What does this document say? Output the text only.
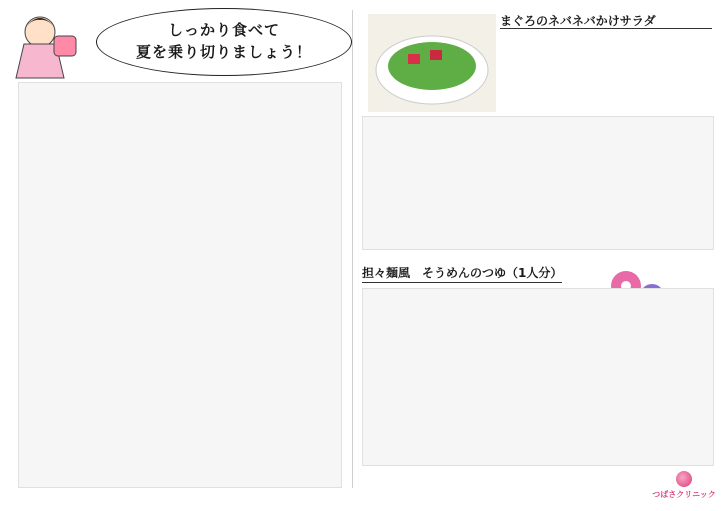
しっかり食べて
夏を乗り切りましょう！
まぐろのネバネバかけサラダ
担々麺風　そうめんのつゆ（1人分）
つばさクリニック
